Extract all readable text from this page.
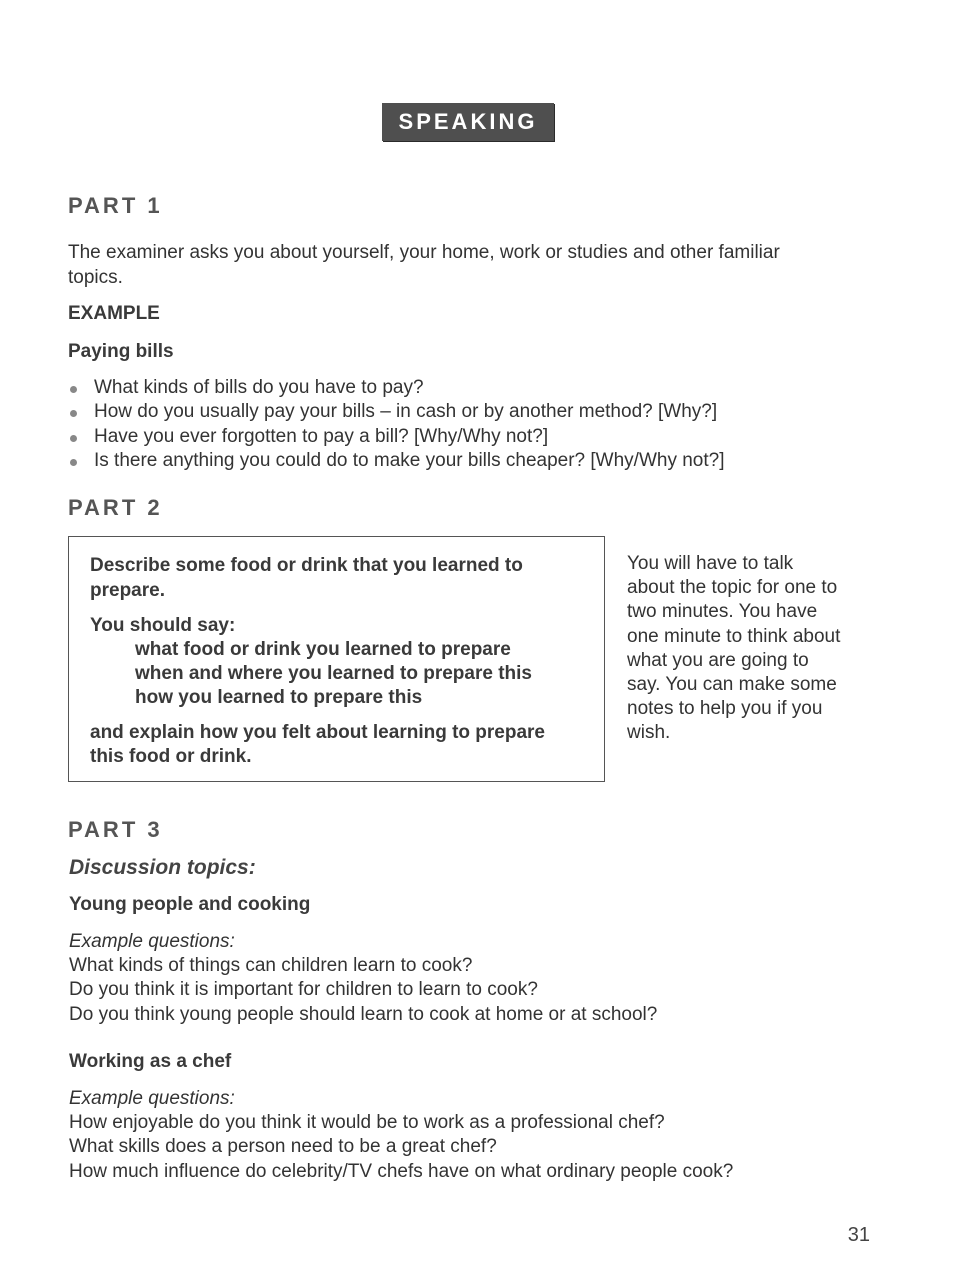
SPEAKING
PART 1

The examiner asks you about yourself, your home, work or studies and other familiar topics.

EXAMPLE

Paying bills

What kinds of bills do you have to pay?
How do you usually pay your bills – in cash or by another method? [Why?]
Have you ever forgotten to pay a bill? [Why/Why not?]
Is there anything you could do to make your bills cheaper? [Why/Why not?]
PART 2

Describe some food or drink that you learned to

prepare.

You should say:

what food or drink you learned to prepare

when and where you learned to prepare this

how you learned to prepare this

and explain how you felt about learning to prepare

this food or drink.

You will have to talk about the topic for one to two minutes. You have one minute to think about what you are going to say. You can make some notes to help you if you wish.

PART 3

Discussion topics:

Young people and cooking

Example questions:
What kinds of things can children learn to cook?
Do you think it is important for children to learn to cook?
Do you think young people should learn to cook at home or at school?

Working as a chef

Example questions:
How enjoyable do you think it would be to work as a professional chef?
What skills does a person need to be a great chef?
How much influence do celebrity/TV chefs have on what ordinary people cook?
31
